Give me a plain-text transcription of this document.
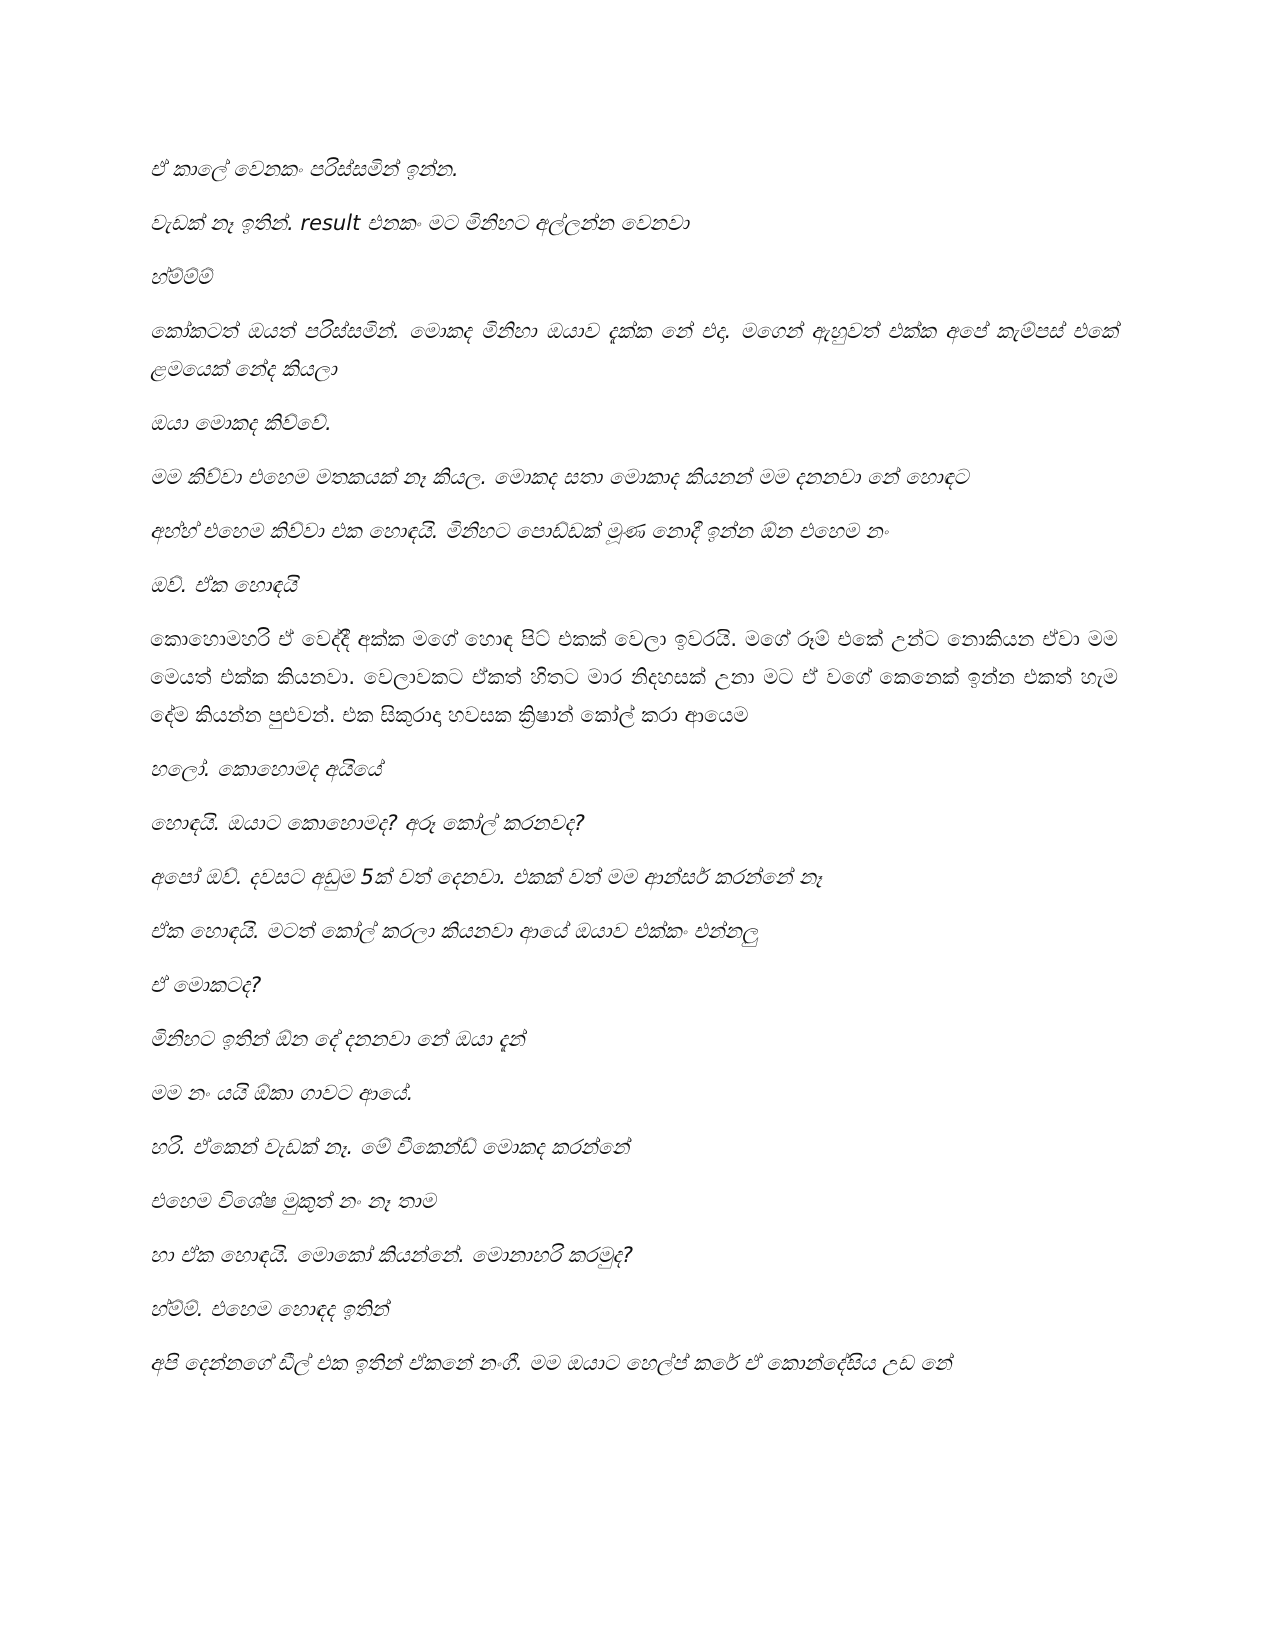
ඒ කාලේ වෙනකං පරිස්සමින් ඉන්න.

වැඩක් නෑ ඉතින්. result එනකං මට මිනිහට අල්ලන්න වෙනවා

හ්ම්ම්ම්

කෝකටත් ඔයත් පරිස්සමින්. මොකද මිනිහා ඔයාව දැක්ක නේ එදා. මගෙන් ඇහුවත් එක්ක අපේ කැම්පස් එකේ ළමයෙක් නේද කියලා

ඔයා මොකද කිව්වේ.

මම කිව්වා එහෙම මතකයක් නෑ කියල. මොකද සතා මොකාද කියනන් මම දනනවා නේ හොඳට

අහ්හ් එහෙම කිව්වා එක හොඳයි. මිනිහට පොඩ්ඩක් මූණ නොදී ඉන්න ඕන එහෙම නං

ඔව්. ඒක හොඳයි

කොහොමහරි ඒ වෙද්දී අක්ක මගේ හොඳ පිට් එකක් වෙලා ඉවරයි. මගේ රූම් එකේ උන්ට නොකියන ඒවා මම මෙයත් එක්ක කියනවා. වෙලාවකට ඒකත් හිතට මාර නිදහසක් උනා මට ඒ වගේ කෙනෙක් ඉන්න එකත් හැම දේම කියන්න පුළුවන්. එක සිකුරාදා හවසක ක්‍රිෂාන් කෝල් කරා ආයෙම

හලෝ. කොහොමද අයියේ

හොඳයි. ඔයාට කොහොමද? අරූ කෝල් කරනවද?

අපෝ ඔව්. දවසට අඩුම 5ක් වත් දෙනවා. එකක් වත් මම ආන්සර් කරන්නේ නෑ

ඒක හොඳයි. මටත් කෝල් කරලා කියනවා ආයේ ඔයාව එක්කං එන්නලු

ඒ මොකටද?

මිනිහට ඉතින් ඕන දේ දනනවා නේ ඔයා දැන්

මම නං යයි ඕකා ගාවට ආයේ.

හරි. ඒකෙන් වැඩක් නෑ. මේ වීකෙන්ඩ් මොකද කරන්නේ

එහෙම විශේෂ මුකුත් නං නෑ තාම

හා ඒක හොඳයි. මොකෝ කියන්නේ. මොනාහරි කරමුද?

හ්ම්ම්. එහෙම හොඳද ඉතින්

අපි දෙන්නගේ ඩීල් එක ඉතින් ඒකනේ නංගී. මම ඔයාට හෙල්ප් කරේ ඒ කොන්දේසිය උඩ නේ
